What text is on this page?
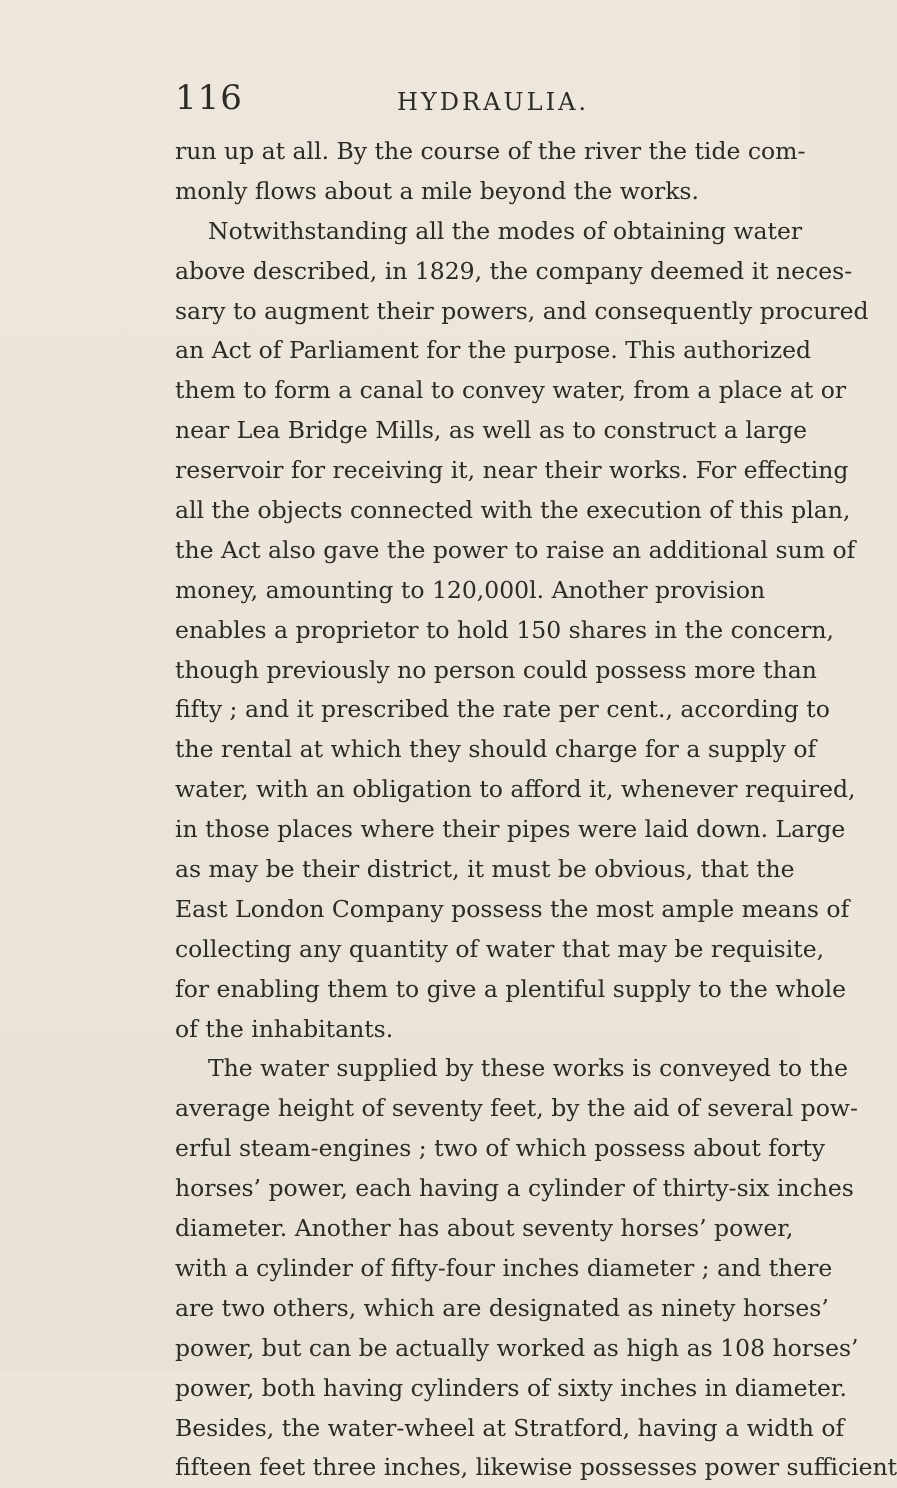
116	HYDRAULIA.
run up at all. By the course of the river the tide com-
monly flows about a mile beyond the works.
Notwithstanding all the modes of obtaining water
above described, in 1829, the company deemed it neces-
sary to augment their powers, and consequently procured
an Act of Parliament for the purpose. This authorized
them to form a canal to convey water, from a place at or
near Lea Bridge Mills, as well as to construct a large
reservoir for receiving it, near their works. For effecting
all the objects connected with the execution of this plan,
the Act also gave the power to raise an additional sum of
money, amounting to 120,000l. Another provision
enables a proprietor to hold 150 shares in the concern,
though previously no person could possess more than
fifty ; and it prescribed the rate per cent., according to
the rental at which they should charge for a supply of
water, with an obligation to afford it, whenever required,
in those places where their pipes were laid down. Large
as may be their district, it must be obvious, that the
East London Company possess the most ample means of
collecting any quantity of water that may be requisite,
for enabling them to give a plentiful supply to the whole
of the inhabitants.
The water supplied by these works is conveyed to the
average height of seventy feet, by the aid of several pow-
erful steam-engines ; two of which possess about forty
horses’ power, each having a cylinder of thirty-six inches
diameter. Another has about seventy horses’ power,
with a cylinder of fifty-four inches diameter ; and there
are two others, which are designated as ninety horses’
power, but can be actually worked as high as 108 horses’
power, both having cylinders of sixty inches in diameter.
Besides, the water-wheel at Stratford, having a width of
fifteen feet three inches, likewise possesses power sufficient
